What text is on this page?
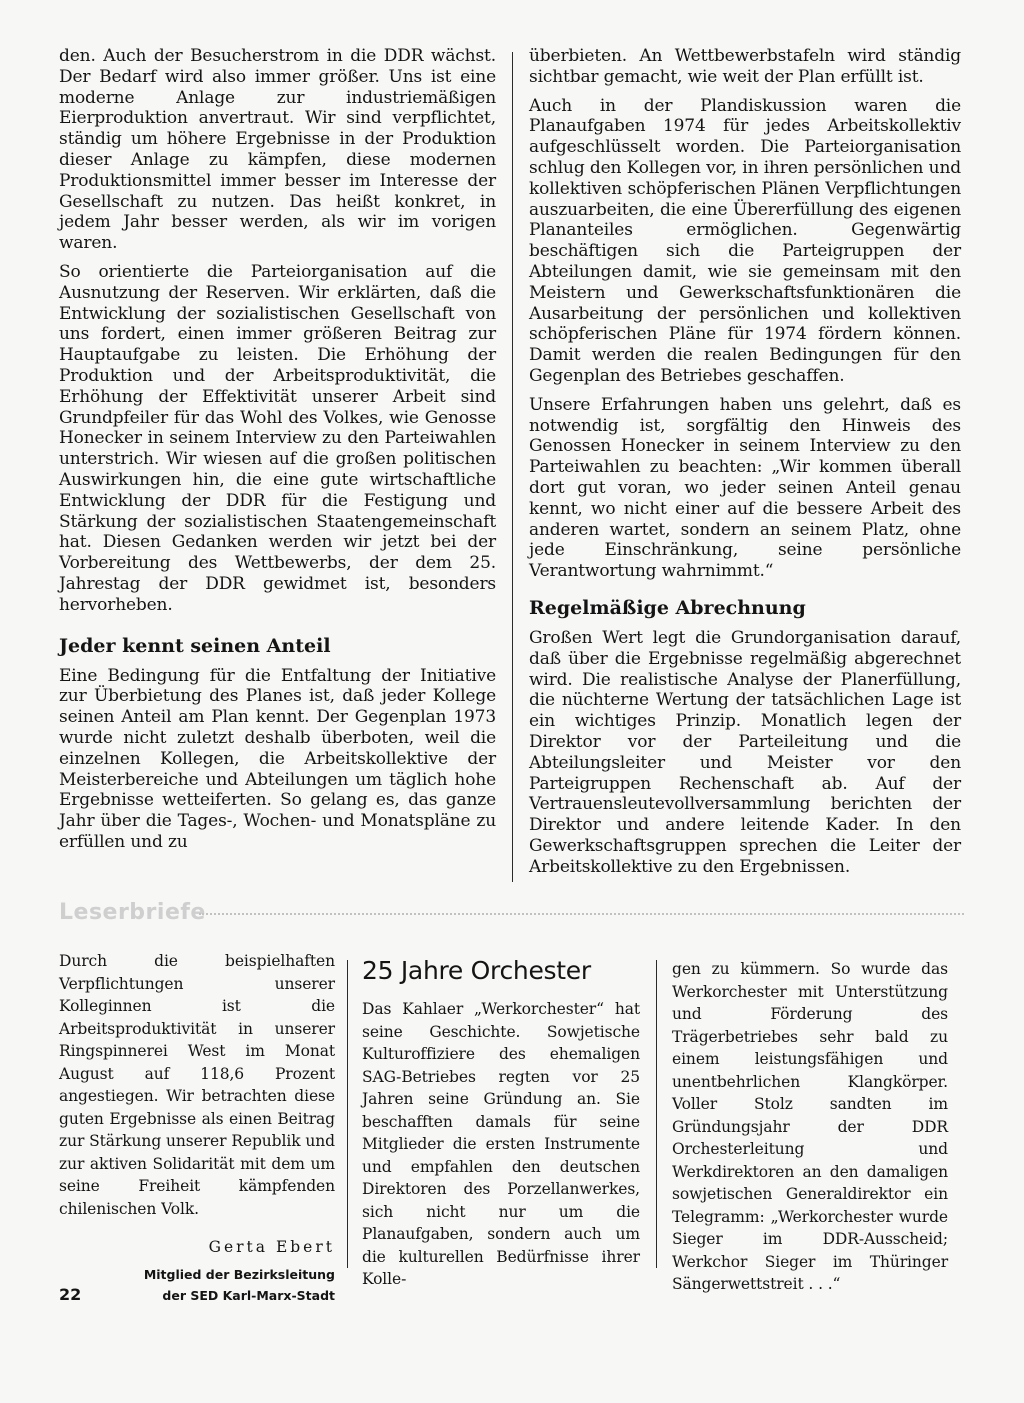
den. Auch der Besucherstrom in die DDR wächst. Der Bedarf wird also immer größer. Uns ist eine moderne Anlage zur industriemäßigen Eierproduktion anvertraut. Wir sind verpflichtet, ständig um höhere Ergebnisse in der Produktion dieser Anlage zu kämpfen, diese modernen Produktionsmittel immer besser im Interesse der Gesellschaft zu nutzen. Das heißt konkret, in jedem Jahr besser werden, als wir im vorigen waren.

So orientierte die Parteiorganisation auf die Ausnutzung der Reserven. Wir erklärten, daß die Entwicklung der sozialistischen Gesellschaft von uns fordert, einen immer größeren Beitrag zur Hauptaufgabe zu leisten. Die Erhöhung der Produktion und der Arbeitsproduktivität, die Erhöhung der Effektivität unserer Arbeit sind Grundpfeiler für das Wohl des Volkes, wie Genosse Honecker in seinem Interview zu den Parteiwahlen unterstrich. Wir wiesen auf die großen politischen Auswirkungen hin, die eine gute wirtschaftliche Entwicklung der DDR für die Festigung und Stärkung der sozialistischen Staatengemeinschaft hat. Diesen Gedanken werden wir jetzt bei der Vorbereitung des Wettbewerbs, der dem 25. Jahrestag der DDR gewidmet ist, besonders hervorheben.

Jeder kennt seinen Anteil

Eine Bedingung für die Entfaltung der Initiative zur Überbietung des Planes ist, daß jeder Kollege seinen Anteil am Plan kennt. Der Gegenplan 1973 wurde nicht zuletzt deshalb überboten, weil die einzelnen Kollegen, die Arbeitskollektive der Meisterbereiche und Abteilungen um täglich hohe Ergebnisse wetteiferten. So gelang es, das ganze Jahr über die Tages-, Wochen- und Monatspläne zu erfüllen und zu

überbieten. An Wettbewerbstafeln wird ständig sichtbar gemacht, wie weit der Plan erfüllt ist.

Auch in der Plandiskussion waren die Planaufgaben 1974 für jedes Arbeitskollektiv aufgeschlüsselt worden. Die Parteiorganisation schlug den Kollegen vor, in ihren persönlichen und kollektiven schöpferischen Plänen Verpflichtungen auszuarbeiten, die eine Übererfüllung des eigenen Plananteiles ermöglichen. Gegenwärtig beschäftigen sich die Parteigruppen der Abteilungen damit, wie sie gemeinsam mit den Meistern und Gewerkschaftsfunktionären die Ausarbeitung der persönlichen und kollektiven schöpferischen Pläne für 1974 fördern können. Damit werden die realen Bedingungen für den Gegenplan des Betriebes geschaffen.

Unsere Erfahrungen haben uns gelehrt, daß es notwendig ist, sorgfältig den Hinweis des Genossen Honecker in seinem Interview zu den Parteiwahlen zu beachten: „Wir kommen überall dort gut voran, wo jeder seinen Anteil genau kennt, wo nicht einer auf die bessere Arbeit des anderen wartet, sondern an seinem Platz, ohne jede Einschränkung, seine persönliche Verantwortung wahrnimmt.“

Regelmäßige Abrechnung

Großen Wert legt die Grundorganisation darauf, daß über die Ergebnisse regelmäßig abgerechnet wird. Die realistische Analyse der Planerfüllung, die nüchterne Wertung der tatsächlichen Lage ist ein wichtiges Prinzip. Monatlich legen der Direktor vor der Parteileitung und die Abteilungsleiter und Meister vor den Parteigruppen Rechenschaft ab. Auf der Vertrauensleutevollversammlung berichten der Direktor und andere leitende Kader. In den Gewerkschaftsgruppen sprechen die Leiter der Arbeitskollektive zu den Ergebnissen.

Leserbriefe

Durch die beispielhaften Verpflichtungen unserer Kolleginnen ist die Arbeitsproduktivität in unserer Ringspinnerei West im Monat August auf 118,6 Prozent angestiegen. Wir betrachten diese guten Ergebnisse als einen Beitrag zur Stärkung unserer Republik und zur aktiven Solidarität mit dem um seine Freiheit kämpfenden chilenischen Volk.

Gerta Ebert

Mitglied der Bezirksleitung

der SED Karl-Marx-Stadt

25 Jahre Orchester

Das Kahlaer „Werkorchester“ hat seine Geschichte. Sowjetische Kulturoffiziere des ehemaligen SAG-Betriebes regten vor 25 Jahren seine Gründung an. Sie beschafften damals für seine Mitglieder die ersten Instrumente und empfahlen den deutschen Direktoren des Porzellanwerkes, sich nicht nur um die Planaufgaben, sondern auch um die kulturellen Bedürfnisse ihrer Kolle-

gen zu kümmern. So wurde das Werkorchester mit Unterstützung und Förderung des Trägerbetriebes sehr bald zu einem leistungsfähigen und unentbehrlichen Klangkörper. Voller Stolz sandten im Gründungsjahr der DDR Orchesterleitung und Werkdirektoren an den damaligen sowjetischen Generaldirektor ein Telegramm: „Werkorchester wurde Sieger im DDR-Ausscheid; Werkchor Sieger im Thüringer Sängerwettstreit . . .“

22
